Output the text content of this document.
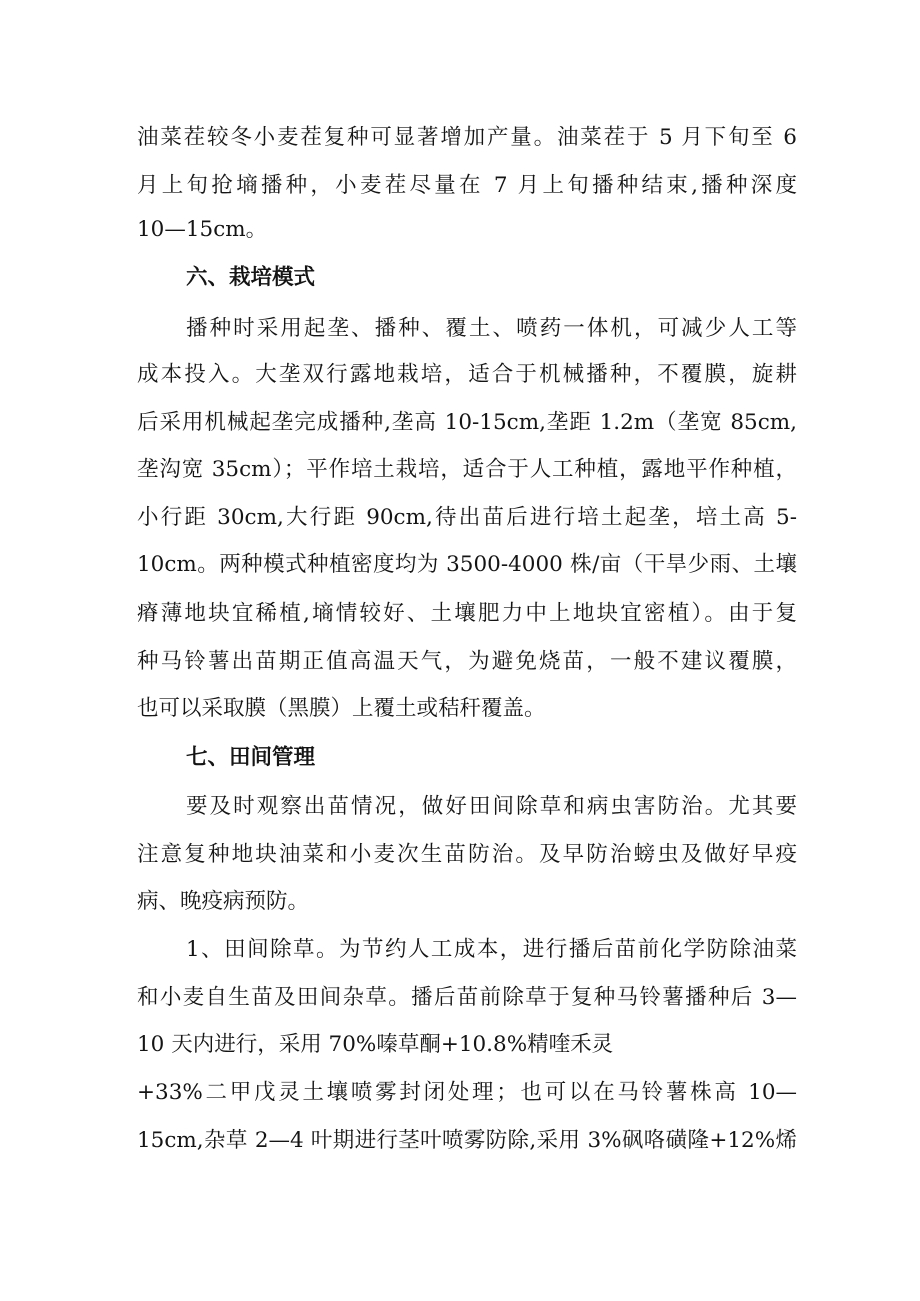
油菜茬较冬小麦茬复种可显著增加产量。油菜茬于 5 月下旬至 6
月上旬抢墒播种，小麦茬尽量在 7 月上旬播种结束,播种深度
10—15cm。
六、栽培模式
播种时采用起垄、播种、覆土、喷药一体机，可减少人工等
成本投入。大垄双行露地栽培，适合于机械播种，不覆膜，旋耕
后采用机械起垄完成播种,垄高 10-15cm,垄距 1.2m（垄宽 85cm,
垄沟宽 35cm）；平作培土栽培，适合于人工种植，露地平作种植，
小行距 30cm,大行距 90cm,待出苗后进行培土起垄，培土高 5-
10cm。两种模式种植密度均为 3500-4000 株/亩（干旱少雨、土壤
瘠薄地块宜稀植,墒情较好、土壤肥力中上地块宜密植）。由于复
种马铃薯出苗期正值高温天气，为避免烧苗，一般不建议覆膜，
也可以采取膜（黑膜）上覆土或秸秆覆盖。
七、田间管理
要及时观察出苗情况，做好田间除草和病虫害防治。尤其要
注意复种地块油菜和小麦次生苗防治。及早防治螃虫及做好早疫
病、晚疫病预防。
1、田间除草。为节约人工成本，进行播后苗前化学防除油菜
和小麦自生苗及田间杂草。播后苗前除草于复种马铃薯播种后 3—
10 天内进行，采用 70%嗪草酮+10.8%精喹禾灵
+33%二甲戊灵土壤喷雾封闭处理；也可以在马铃薯株高 10—
15cm,杂草 2—4 叶期进行茎叶喷雾防除,采用 3%砜咯磺隆+12%烯
